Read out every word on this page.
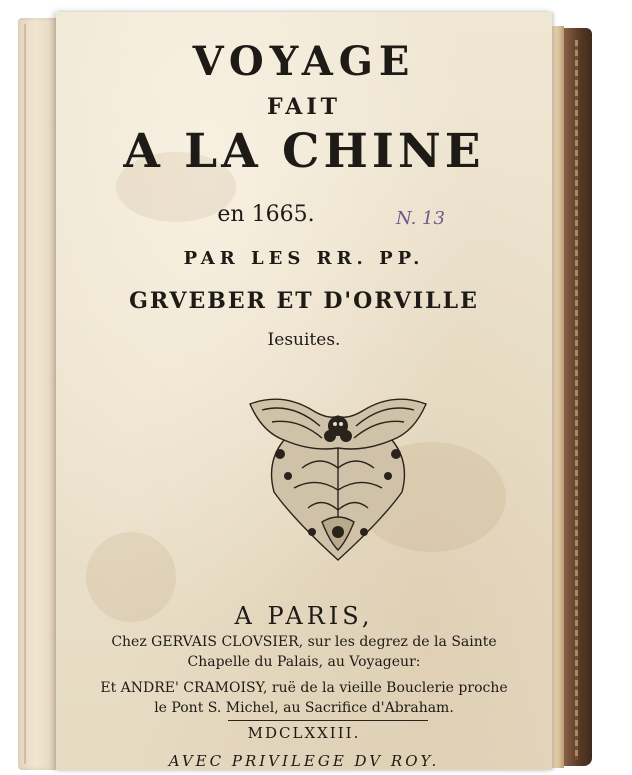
VOYAGE
FAIT
A LA CHINE
en 1665.	N. 13
PAR LES RR. PP.
GRVEBER ET D'ORVILLE
Iesuites.
A PARIS,
Chez GERVAIS CLOVSIER, sur les degrez de la Sainte
Chapelle du Palais, au Voyageur:
Et ANDRE' CRAMOISY, ruë de la vieille Bouclerie proche
le Pont S. Michel, au Sacrifice d'Abraham.
MDCLXXIII.
AVEC PRIVILEGE DV ROY.
